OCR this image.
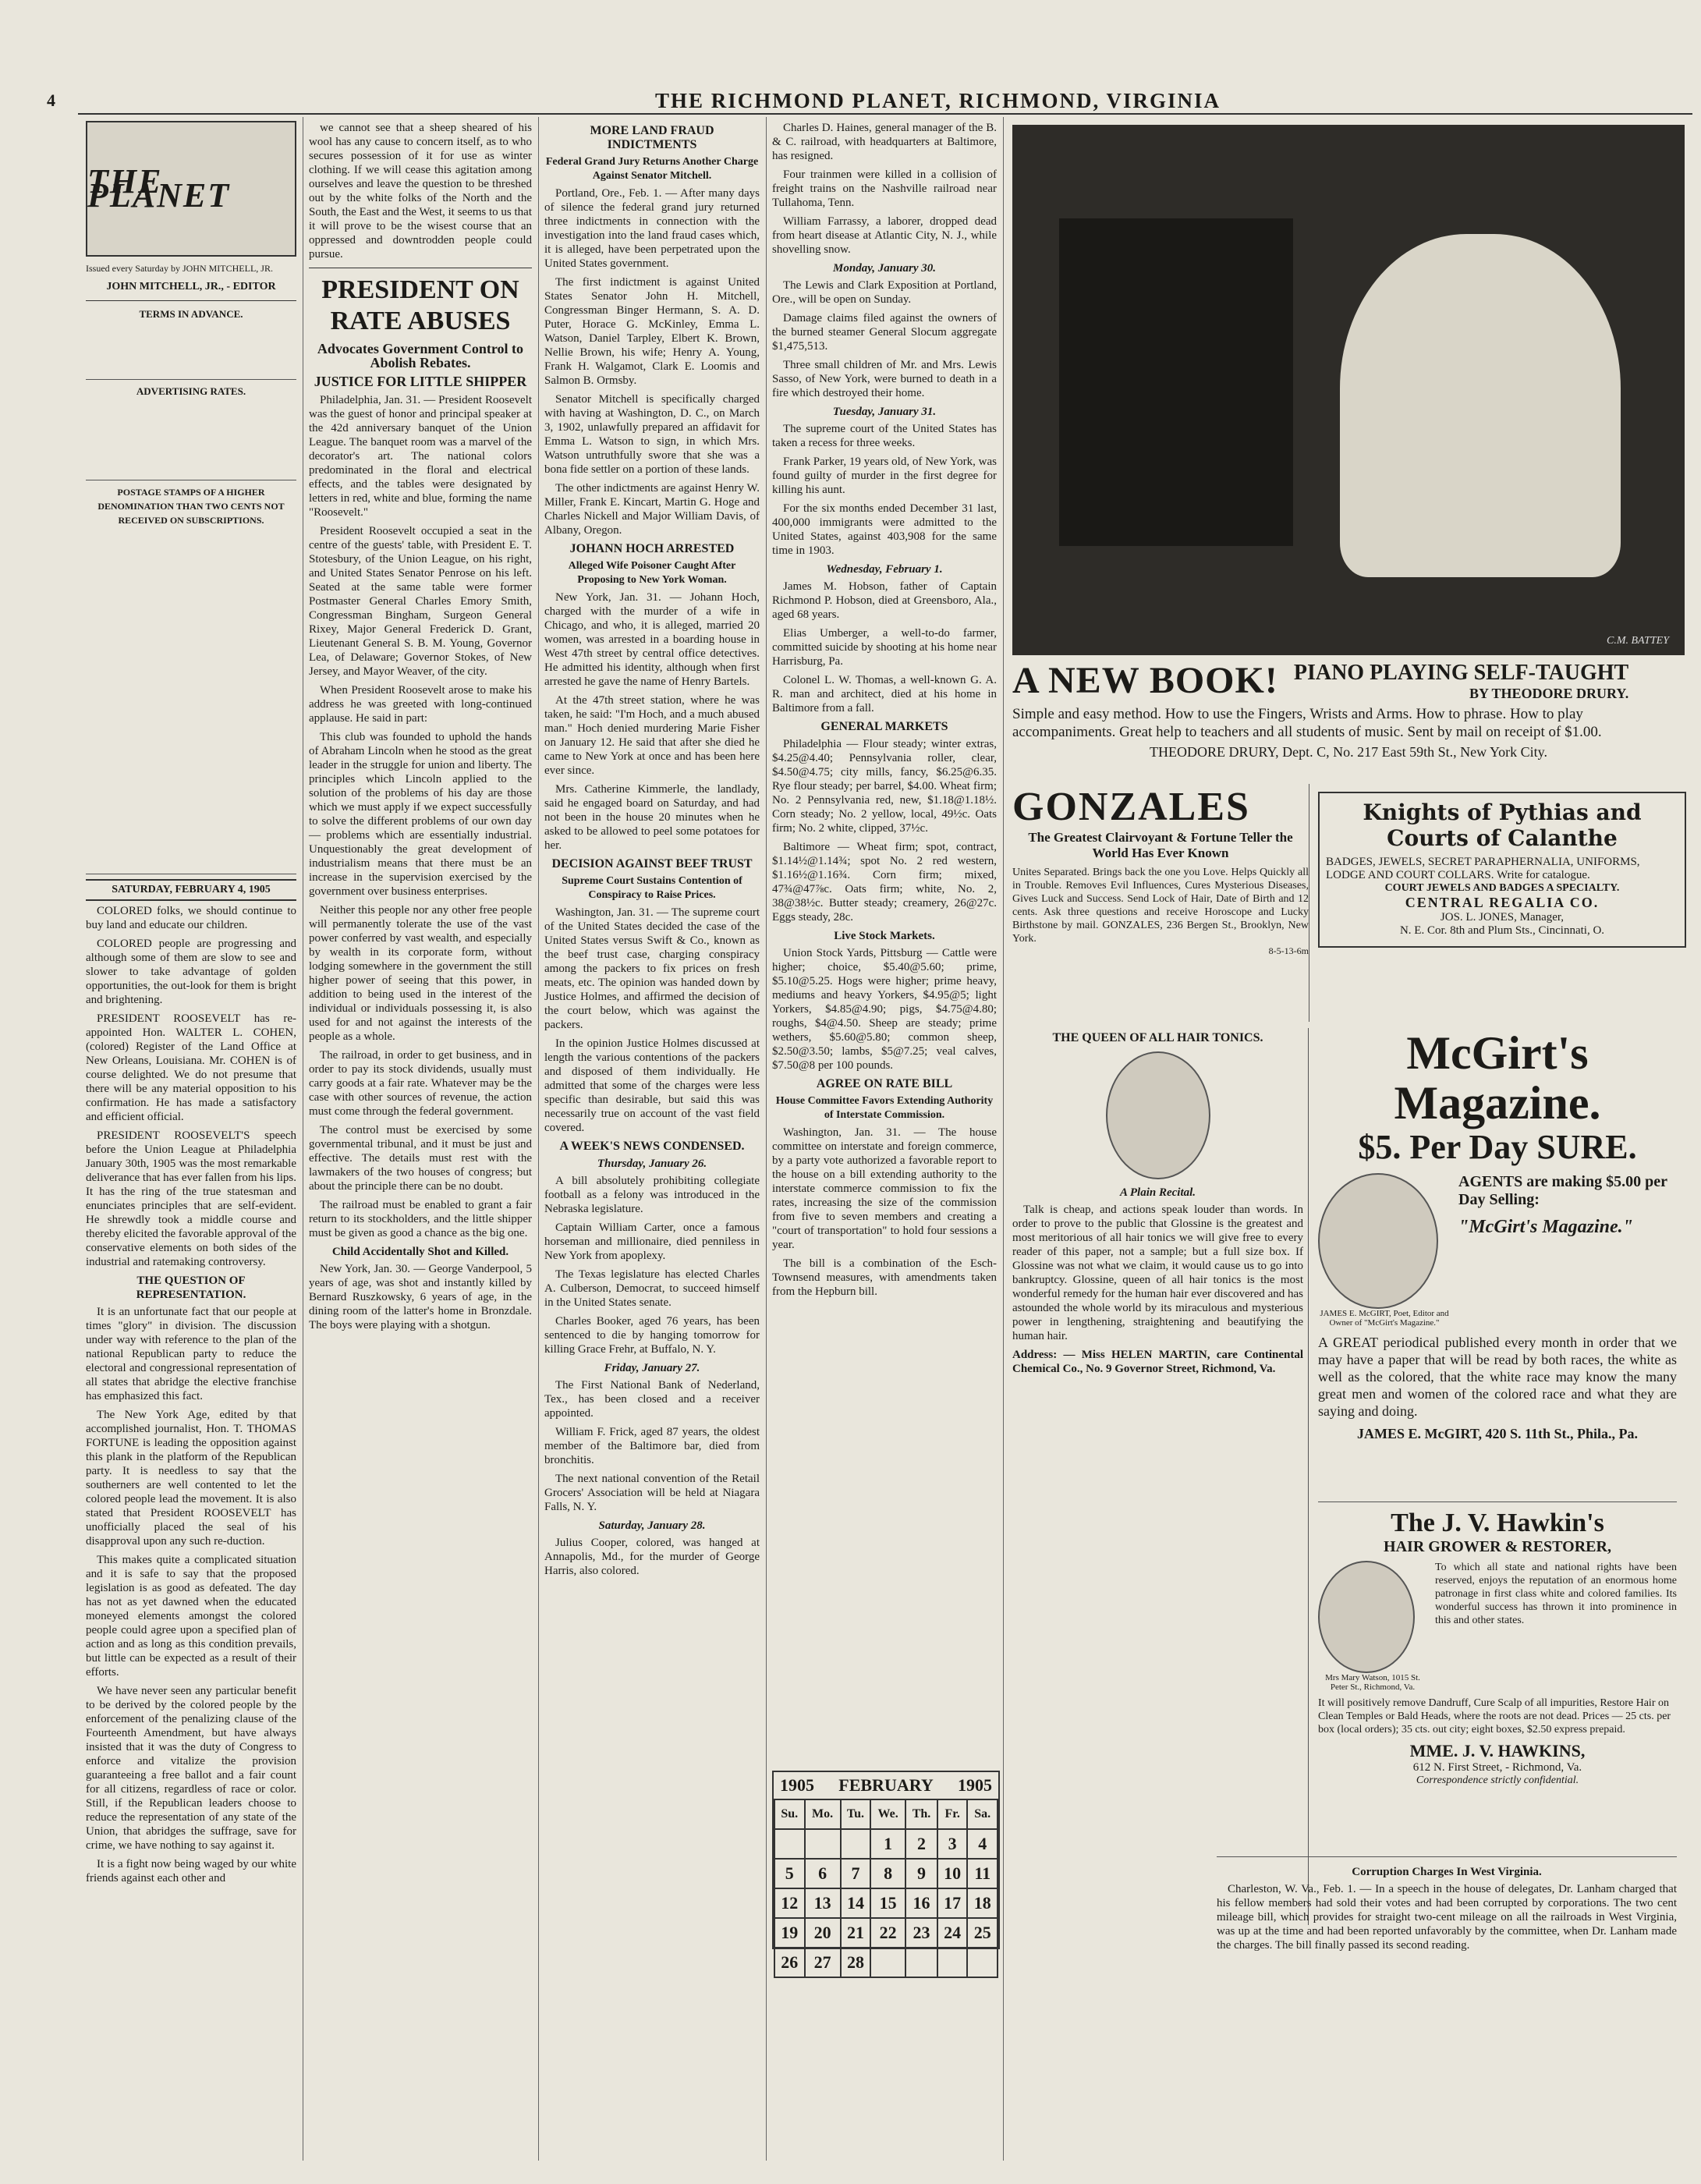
4	THE RICHMOND PLANET, RICHMOND, VIRGINIA
THE PLANET

Issued every Saturday by JOHN MITCHELL, JR.

JOHN MITCHELL, JR., - EDITOR
TERMS IN ADVANCE.
ADVERTISING RATES.
POSTAGE STAMPS OF A HIGHER DENOMINATION THAN TWO CENTS NOT RECEIVED ON SUBSCRIPTIONS.
SATURDAY, FEBRUARY 4, 1905

COLORED folks, we should continue to buy land and educate our children.

COLORED people are progressing and although some of them are slow to see and slower to take advantage of golden opportunities, the out-look for them is bright and brightening.

PRESIDENT ROOSEVELT has re-appointed Hon. WALTER L. COHEN, (colored) Register of the Land Office at New Orleans, Louisiana. Mr. COHEN is of course delighted. We do not presume that there will be any material opposition to his confirmation. He has made a satisfactory and efficient official.

PRESIDENT ROOSEVELT'S speech before the Union League at Philadelphia January 30th, 1905 was the most remarkable deliverance that has ever fallen from his lips. It has the ring of the true statesman and enunciates principles that are self-evident. He shrewdly took a middle course and thereby elicited the favorable approval of the conservative elements on both sides of the industrial and ratemaking controversy.

THE QUESTION OF REPRESENTATION.

It is an unfortunate fact that our people at times "glory" in division. The discussion under way with reference to the plan of the national Republican party to reduce the electoral and congressional representation of all states that abridge the elective franchise has emphasized this fact.

The New York Age, edited by that accomplished journalist, Hon. T. THOMAS FORTUNE is leading the opposition against this plank in the platform of the Republican party. It is needless to say that the southerners are well contented to let the colored people lead the movement. It is also stated that President ROOSEVELT has unofficially placed the seal of his disapproval upon any such re-duction.

This makes quite a complicated situation and it is safe to say that the proposed legislation is as good as defeated. The day has not as yet dawned when the educated moneyed elements amongst the colored people could agree upon a specified plan of action and as long as this condition prevails, but little can be expected as a result of their efforts.

We have never seen any particular benefit to be derived by the colored people by the enforcement of the penalizing clause of the Fourteenth Amendment, but have always insisted that it was the duty of Congress to enforce and vitalize the provision guaranteeing a free ballot and a fair count for all citizens, regardless of race or color. Still, if the Republican leaders choose to reduce the representation of any state of the Union, that abridges the suffrage, save for crime, we have nothing to say against it.

It is a fight now being waged by our white friends against each other and

we cannot see that a sheep sheared of his wool has any cause to concern itself, as to who secures possession of it for use as winter clothing. If we will cease this agitation among ourselves and leave the question to be threshed out by the white folks of the North and the South, the East and the West, it seems to us that it will prove to be the wisest course that an oppressed and downtrodden people could pursue.

PRESIDENT ON RATE ABUSES
Advocates Government Control to Abolish Rebates.
JUSTICE FOR LITTLE SHIPPER

Philadelphia, Jan. 31. — President Roosevelt was the guest of honor and principal speaker at the 42d anniversary banquet of the Union League. The banquet room was a marvel of the decorator's art. The national colors predominated in the floral and electrical effects, and the tables were designated by letters in red, white and blue, forming the name "Roosevelt."

President Roosevelt occupied a seat in the centre of the guests' table, with President E. T. Stotesbury, of the Union League, on his right, and United States Senator Penrose on his left. Seated at the same table were former Postmaster General Charles Emory Smith, Congressman Bingham, Surgeon General Rixey, Major General Frederick D. Grant, Lieutenant General S. B. M. Young, Governor Lea, of Delaware; Governor Stokes, of New Jersey, and Mayor Weaver, of the city.

When President Roosevelt arose to make his address he was greeted with long-continued applause. He said in part:

This club was founded to uphold the hands of Abraham Lincoln when he stood as the great leader in the struggle for union and liberty. The principles which Lincoln applied to the solution of the problems of his day are those which we must apply if we expect successfully to solve the different problems of our own day — problems which are essentially industrial. Unquestionably the great development of industrialism means that there must be an increase in the supervision exercised by the government over business enterprises.

Neither this people nor any other free people will permanently tolerate the use of the vast power conferred by vast wealth, and especially by wealth in its corporate form, without lodging somewhere in the government the still higher power of seeing that this power, in addition to being used in the interest of the individual or individuals possessing it, is also used for and not against the interests of the people as a whole.

The railroad, in order to get business, and in order to pay its stock dividends, usually must carry goods at a fair rate. Whatever may be the case with other sources of revenue, the action must come through the federal government.

The control must be exercised by some governmental tribunal, and it must be just and effective. The details must rest with the lawmakers of the two houses of congress; but about the principle there can be no doubt.

The railroad must be enabled to grant a fair return to its stockholders, and the little shipper must be given as good a chance as the big one.

Child Accidentally Shot and Killed.

New York, Jan. 30. — George Vanderpool, 5 years of age, was shot and instantly killed by Bernard Ruszkowsky, 6 years of age, in the dining room of the latter's home in Bronzdale. The boys were playing with a shotgun.

MORE LAND FRAUD INDICTMENTS
Federal Grand Jury Returns Another Charge Against Senator Mitchell.

Portland, Ore., Feb. 1. — After many days of silence the federal grand jury returned three indictments in connection with the investigation into the land fraud cases which, it is alleged, have been perpetrated upon the United States government.

The first indictment is against United States Senator John H. Mitchell, Congressman Binger Hermann, S. A. D. Puter, Horace G. McKinley, Emma L. Watson, Daniel Tarpley, Elbert K. Brown, Nellie Brown, his wife; Henry A. Young, Frank H. Walgamot, Clark E. Loomis and Salmon B. Ormsby.

Senator Mitchell is specifically charged with having at Washington, D. C., on March 3, 1902, unlawfully prepared an affidavit for Emma L. Watson to sign, in which Mrs. Watson untruthfully swore that she was a bona fide settler on a portion of these lands.

The other indictments are against Henry W. Miller, Frank E. Kincart, Martin G. Hoge and Charles Nickell and Major William Davis, of Albany, Oregon.

JOHANN HOCH ARRESTED
Alleged Wife Poisoner Caught After Proposing to New York Woman.

New York, Jan. 31. — Johann Hoch, charged with the murder of a wife in Chicago, and who, it is alleged, married 20 women, was arrested in a boarding house in West 47th street by central office detectives. He admitted his identity, although when first arrested he gave the name of Henry Bartels.

At the 47th street station, where he was taken, he said: "I'm Hoch, and a much abused man." Hoch denied murdering Marie Fisher on January 12. He said that after she died he came to New York at once and has been here ever since.

Mrs. Catherine Kimmerle, the landlady, said he engaged board on Saturday, and had not been in the house 20 minutes when he asked to be allowed to peel some potatoes for her.

DECISION AGAINST BEEF TRUST
Supreme Court Sustains Contention of Conspiracy to Raise Prices.

Washington, Jan. 31. — The supreme court of the United States decided the case of the United States versus Swift & Co., known as the beef trust case, charging conspiracy among the packers to fix prices on fresh meats, etc. The opinion was handed down by Justice Holmes, and affirmed the decision of the court below, which was against the packers.

In the opinion Justice Holmes discussed at length the various contentions of the packers and disposed of them individually. He admitted that some of the charges were less specific than desirable, but said this was necessarily true on account of the vast field covered.

A WEEK'S NEWS CONDENSED.
Thursday, January 26.

A bill absolutely prohibiting collegiate football as a felony was introduced in the Nebraska legislature.

Captain William Carter, once a famous horseman and millionaire, died penniless in New York from apoplexy.

The Texas legislature has elected Charles A. Culberson, Democrat, to succeed himself in the United States senate.

Charles Booker, aged 76 years, has been sentenced to die by hanging tomorrow for killing Grace Frehr, at Buffalo, N. Y.

Friday, January 27.

The First National Bank of Nederland, Tex., has been closed and a receiver appointed.

William F. Frick, aged 87 years, the oldest member of the Baltimore bar, died from bronchitis.

The next national convention of the Retail Grocers' Association will be held at Niagara Falls, N. Y.

Saturday, January 28.

Julius Cooper, colored, was hanged at Annapolis, Md., for the murder of George Harris, also colored.

Charles D. Haines, general manager of the B. & C. railroad, with headquarters at Baltimore, has resigned.

Four trainmen were killed in a collision of freight trains on the Nashville railroad near Tullahoma, Tenn.

William Farrassy, a laborer, dropped dead from heart disease at Atlantic City, N. J., while shovelling snow.

Monday, January 30.

The Lewis and Clark Exposition at Portland, Ore., will be open on Sunday.

Damage claims filed against the owners of the burned steamer General Slocum aggregate $1,475,513.

Three small children of Mr. and Mrs. Lewis Sasso, of New York, were burned to death in a fire which destroyed their home.

Tuesday, January 31.

The supreme court of the United States has taken a recess for three weeks.

Frank Parker, 19 years old, of New York, was found guilty of murder in the first degree for killing his aunt.

For the six months ended December 31 last, 400,000 immigrants were admitted to the United States, against 403,908 for the same time in 1903.

Wednesday, February 1.

James M. Hobson, father of Captain Richmond P. Hobson, died at Greensboro, Ala., aged 68 years.

Elias Umberger, a well-to-do farmer, committed suicide by shooting at his home near Harrisburg, Pa.

Colonel L. W. Thomas, a well-known G. A. R. man and architect, died at his home in Baltimore from a fall.

GENERAL MARKETS

Philadelphia — Flour steady; winter extras, $4.25@4.40; Pennsylvania roller, clear, $4.50@4.75; city mills, fancy, $6.25@6.35. Rye flour steady; per barrel, $4.00. Wheat firm; No. 2 Pennsylvania red, new, $1.18@1.18½. Corn steady; No. 2 yellow, local, 49½c. Oats firm; No. 2 white, clipped, 37½c.

Baltimore — Wheat firm; spot, contract, $1.14½@1.14¾; spot No. 2 red western, $1.16½@1.16¾. Corn firm; mixed, 47¾@47⅞c. Oats firm; white, No. 2, 38@38½c. Butter steady; creamery, 26@27c. Eggs steady, 28c.

Live Stock Markets.

Union Stock Yards, Pittsburg — Cattle were higher; choice, $5.40@5.60; prime, $5.10@5.25. Hogs were higher; prime heavy, mediums and heavy Yorkers, $4.95@5; light Yorkers, $4.85@4.90; pigs, $4.75@4.80; roughs, $4@4.50. Sheep are steady; prime wethers, $5.60@5.80; common sheep, $2.50@3.50; lambs, $5@7.25; veal calves, $7.50@8 per 100 pounds.

AGREE ON RATE BILL
House Committee Favors Extending Authority of Interstate Commission.

Washington, Jan. 31. — The house committee on interstate and foreign commerce, by a party vote authorized a favorable report to the house on a bill extending authority to the interstate commerce commission to fix the rates, increasing the size of the commission from five to seven members and creating a "court of transportation" to hold four sessions a year.

The bill is a combination of the Esch-Townsend measures, with amendments taken from the Hepburn bill.

1905 FEBRUARY 1905
Su.	Mo.	Tu.	We.	Th.	Fr.	Sa.
			1	2	3	4
5	6	7	8	9	10	11
12	13	14	15	16	17	18
19	20	21	22	23	24	25
26	27	28				
C.M. BATTEY
A NEW BOOK! PIANO PLAYING SELF-TAUGHT
BY THEODORE DRURY.
Simple and easy method. How to use the Fingers, Wrists and Arms. How to phrase. How to play accompaniments. Great help to teachers and all students of music. Sent by mail on receipt of $1.00.
THEODORE DRURY, Dept. C, No. 217 East 59th St., New York City.
GONZALES
The Greatest Clairvoyant & Fortune Teller the World Has Ever Known
Unites Separated. Brings back the one you Love. Helps Quickly all in Trouble. Removes Evil Influences, Cures Mysterious Diseases, Gives Luck and Success. Send Lock of Hair, Date of Birth and 12 cents. Ask three questions and receive Horoscope and Lucky Birthstone by mail. GONZALES, 236 Bergen St., Brooklyn, New York.
8-5-13-6m
Knights of Pythias and Courts of Calanthe
BADGES, JEWELS, SECRET PARAPHERNALIA, UNIFORMS, LODGE AND COURT COLLARS. Write for catalogue.
COURT JEWELS AND BADGES A SPECIALTY.
CENTRAL REGALIA CO.
JOS. L. JONES, Manager,
N. E. Cor. 8th and Plum Sts., Cincinnati, O.
THE QUEEN OF ALL HAIR TONICS.
A Plain Recital.

Talk is cheap, and actions speak louder than words. In order to prove to the public that Glossine is the greatest and most meritorious of all hair tonics we will give free to every reader of this paper, not a sample; but a full size box. If Glossine was not what we claim, it would cause us to go into bankruptcy. Glossine, queen of all hair tonics is the most wonderful remedy for the human hair ever discovered and has astounded the whole world by its miraculous and mysterious power in lengthening, straightening and beautifying the human hair.

Address: — Miss HELEN MARTIN, care Continental Chemical Co., No. 9 Governor Street, Richmond, Va.

McGirt's Magazine.
$5. Per Day SURE.
JAMES E. McGIRT, Poet, Editor and Owner of "McGirt's Magazine."
AGENTS are making $5.00 per Day Selling:
"McGirt's Magazine."
A GREAT periodical published every month in order that we may have a paper that will be read by both races, the white as well as the colored, that the white race may know the many great men and women of the colored race and what they are saying and doing.
JAMES E. McGIRT, 420 S. 11th St., Phila., Pa.
The J. V. Hawkin's
HAIR GROWER & RESTORER,
Mrs Mary Watson, 1015 St. Peter St., Richmond, Va.
To which all state and national rights have been reserved, enjoys the reputation of an enormous home patronage in first class white and colored families. Its wonderful success has thrown it into prominence in this and other states.
It will positively remove Dandruff, Cure Scalp of all impurities, Restore Hair on Clean Temples or Bald Heads, where the roots are not dead. Prices — 25 cts. per box (local orders); 35 cts. out city; eight boxes, $2.50 express prepaid.
MME. J. V. HAWKINS,
612 N. First Street, - Richmond, Va.
Correspondence strictly confidential.
Corruption Charges In West Virginia.

Charleston, W. Va., Feb. 1. — In a speech in the house of delegates, Dr. Lanham charged that his fellow members had sold their votes and had been corrupted by corporations. The two cent mileage bill, which provides for straight two-cent mileage on all the railroads in West Virginia, was up at the time and had been reported unfavorably by the committee, when Dr. Lanham made the charges. The bill finally passed its second reading.
